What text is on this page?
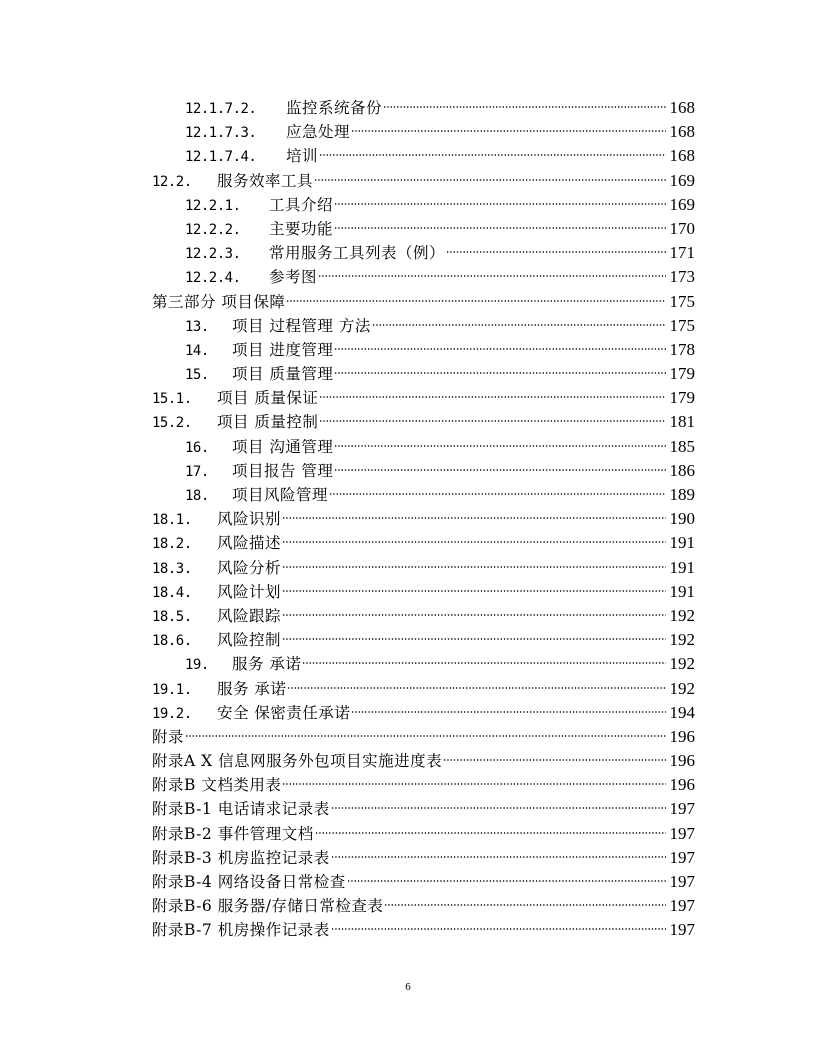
12.1.7.2.	监控系统备份	168
12.1.7.3.	应急处理	168
12.1.7.4.	培训	168
12.2.	服务效率工具	169
12.2.1.	工具介绍	169
12.2.2.	主要功能	170
12.2.3.	常用服务工具列表（例）	171
12.2.4.	参考图	173
第三部分 项目保障	175
13.	项目 过程管理 方法	175
14.	项目 进度管理	178
15.	项目 质量管理	179
15.1.	项目 质量保证	179
15.2.	项目 质量控制	181
16.	项目 沟通管理	185
17.	项目报告 管理	186
18.	项目风险管理	189
18.1.	风险识别	190
18.2.	风险描述	191
18.3.	风险分析	191
18.4.	风险计划	191
18.5.	风险跟踪	192
18.6.	风险控制	192
19.	服务 承诺	192
19.1.	服务 承诺	192
19.2.	安全 保密责任承诺	194
附录	196
附录A X 信息网服务外包项目实施进度表	196
附录B 文档类用表	196
附录B-1 电话请求记录表	197
附录B-2 事件管理文档	197
附录B-3 机房监控记录表	197
附录B-4 网络设备日常检查	197
附录B-6 服务器/存储日常检查表	197
附录B-7 机房操作记录表	197
6
